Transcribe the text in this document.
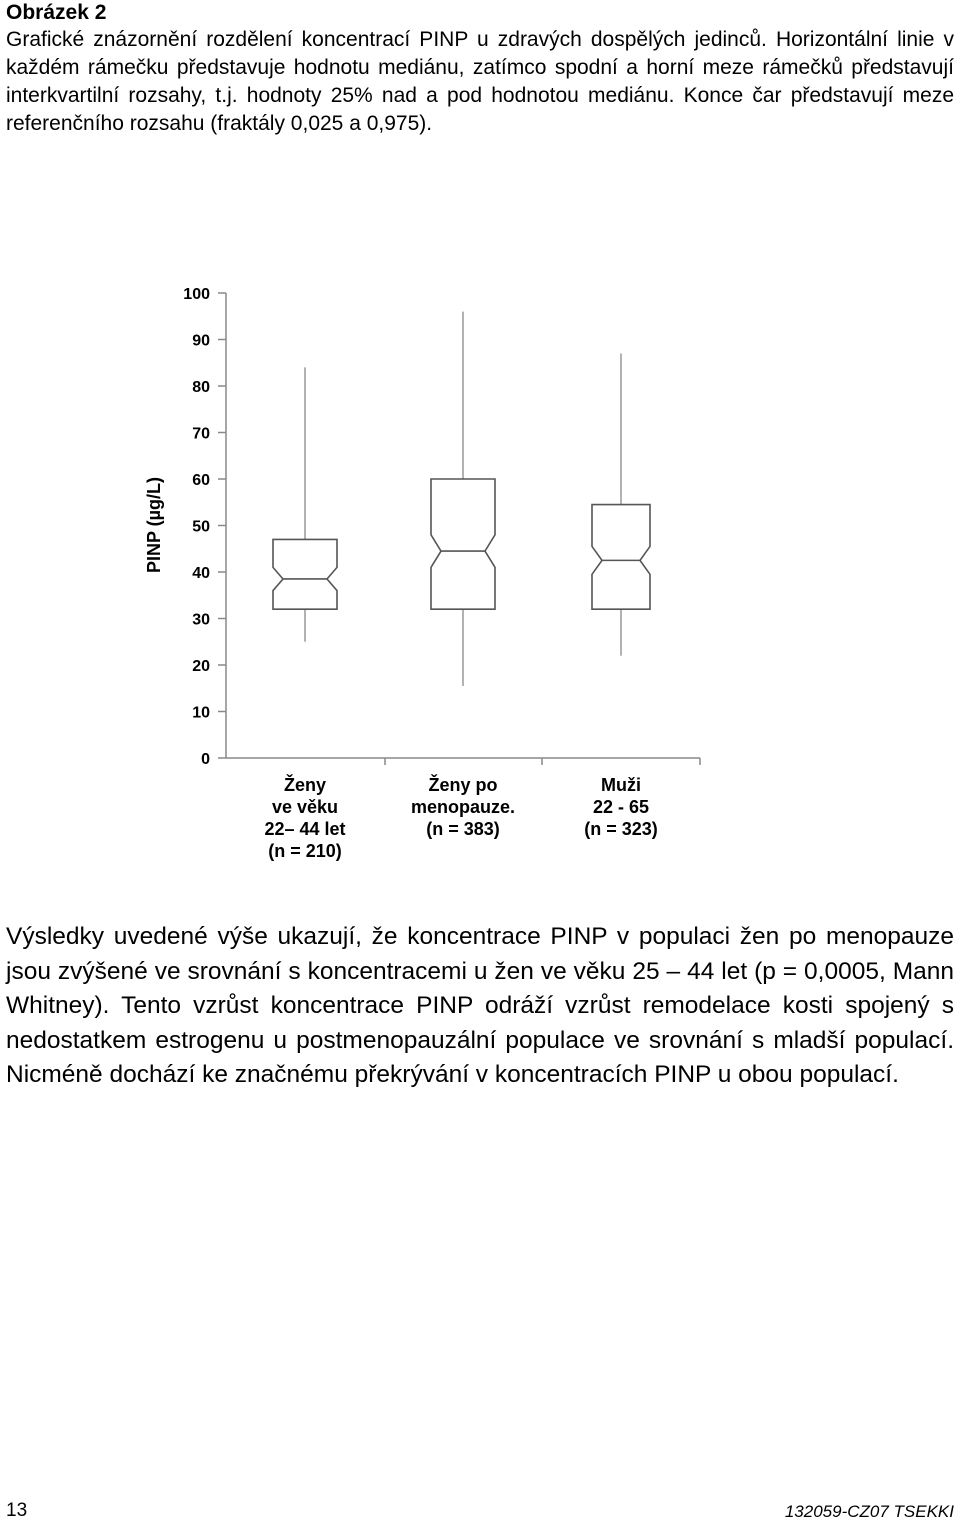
Obrázek 2

Grafické znázornění rozdělení koncentrací PINP u zdravých dospělých jedinců. Horizontální linie v každém rámečku představuje hodnotu mediánu, zatímco spodní a horní meze rámečků představují interkvartilní rozsahy, t.j. hodnoty 25% nad a pod hodnotou mediánu. Konce čar představují meze referenčního rozsahu (fraktály 0,025 a 0,975).

0
10
20
30
40
50
60
70
80
90
100
PINP (µg/L)
Ženy
ve věku
22– 44 let
(n = 210)
Ženy po
menopauze.
(n = 383)
Muži
22 - 65
(n = 323)

Výsledky uvedené výše ukazují, že koncentrace PINP v populaci žen po menopauze jsou zvýšené ve srovnání s koncentracemi u žen ve věku 25 – 44 let (p = 0,0005, Mann Whitney). Tento vzrůst koncentrace PINP odráží vzrůst remodelace kosti spojený s nedostatkem estrogenu u postmenopauzální populace ve srovnání s mladší populací. Nicméně dochází ke značnému překrývání v koncentracích PINP u obou populací.

13	132059-CZ07 TSEKKI
